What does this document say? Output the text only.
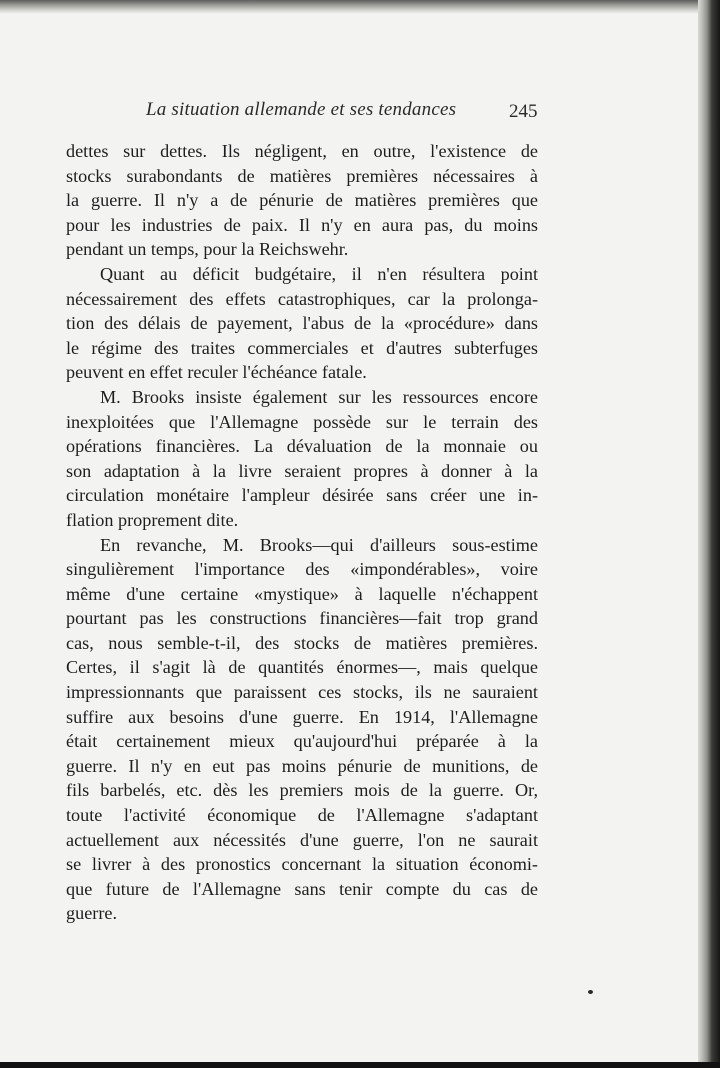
La situation allemande et ses tendances	245
dettes sur dettes. Ils négligent, en outre, l'existence de
stocks surabondants de matières premières nécessaires à
la guerre. Il n'y a de pénurie de matières premières que
pour les industries de paix. Il n'y en aura pas, du moins
pendant un temps, pour la Reichswehr.
Quant au déficit budgétaire, il n'en résultera point
nécessairement des effets catastrophiques, car la prolonga-
tion des délais de payement, l'abus de la «procédure» dans
le régime des traites commerciales et d'autres subterfuges
peuvent en effet reculer l'échéance fatale.
M. Brooks insiste également sur les ressources encore
inexploitées que l'Allemagne possède sur le terrain des
opérations financières. La dévaluation de la monnaie ou
son adaptation à la livre seraient propres à donner à la
circulation monétaire l'ampleur désirée sans créer une in-
flation proprement dite.
En revanche, M. Brooks—qui d'ailleurs sous-estime
singulièrement l'importance des «impondérables», voire
même d'une certaine «mystique» à laquelle n'échappent
pourtant pas les constructions financières—fait trop grand
cas, nous semble-t-il, des stocks de matières premières.
Certes, il s'agit là de quantités énormes—, mais quelque
impressionnants que paraissent ces stocks, ils ne sauraient
suffire aux besoins d'une guerre. En 1914, l'Allemagne
était certainement mieux qu'aujourd'hui préparée à la
guerre. Il n'y en eut pas moins pénurie de munitions, de
fils barbelés, etc. dès les premiers mois de la guerre. Or,
toute l'activité économique de l'Allemagne s'adaptant
actuellement aux nécessités d'une guerre, l'on ne saurait
se livrer à des pronostics concernant la situation économi-
que future de l'Allemagne sans tenir compte du cas de
guerre.
